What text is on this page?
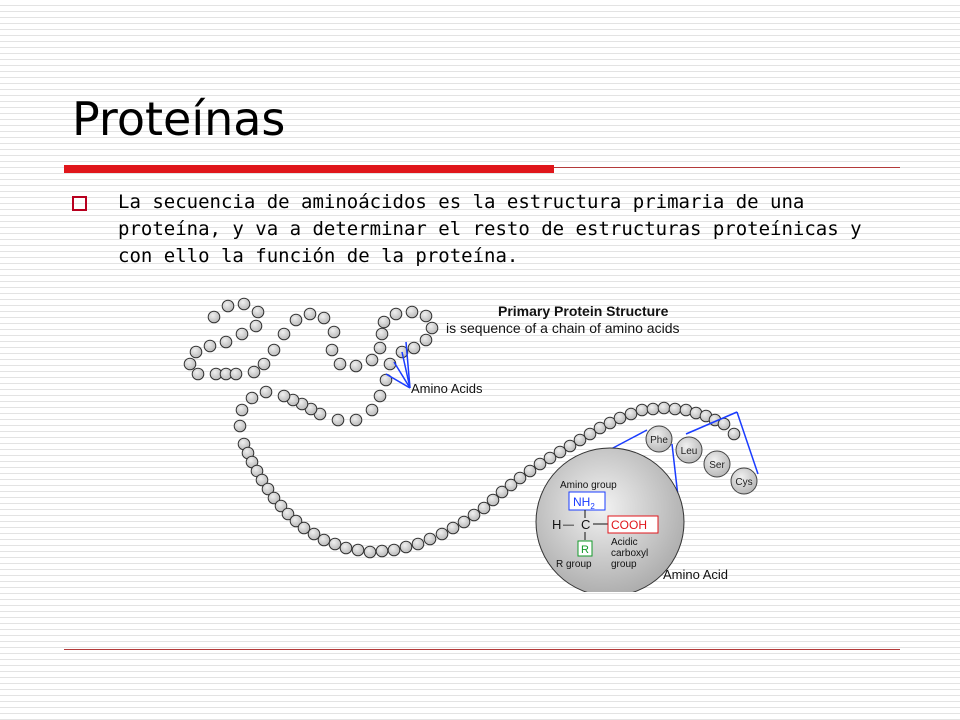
Proteínas
La secuencia de aminoácidos es la estructura primaria de una proteína, y va a determinar el resto de estructuras proteínicas y con ello la función de la proteína.
Phe
Leu
Ser
Cys
Amino group
$NH_2$
H — C COOH
R
Acidic
carboxyl
group
R group
Primary Protein Structure
is sequence of a chain of amino acids
Amino Acids
Amino Acid
